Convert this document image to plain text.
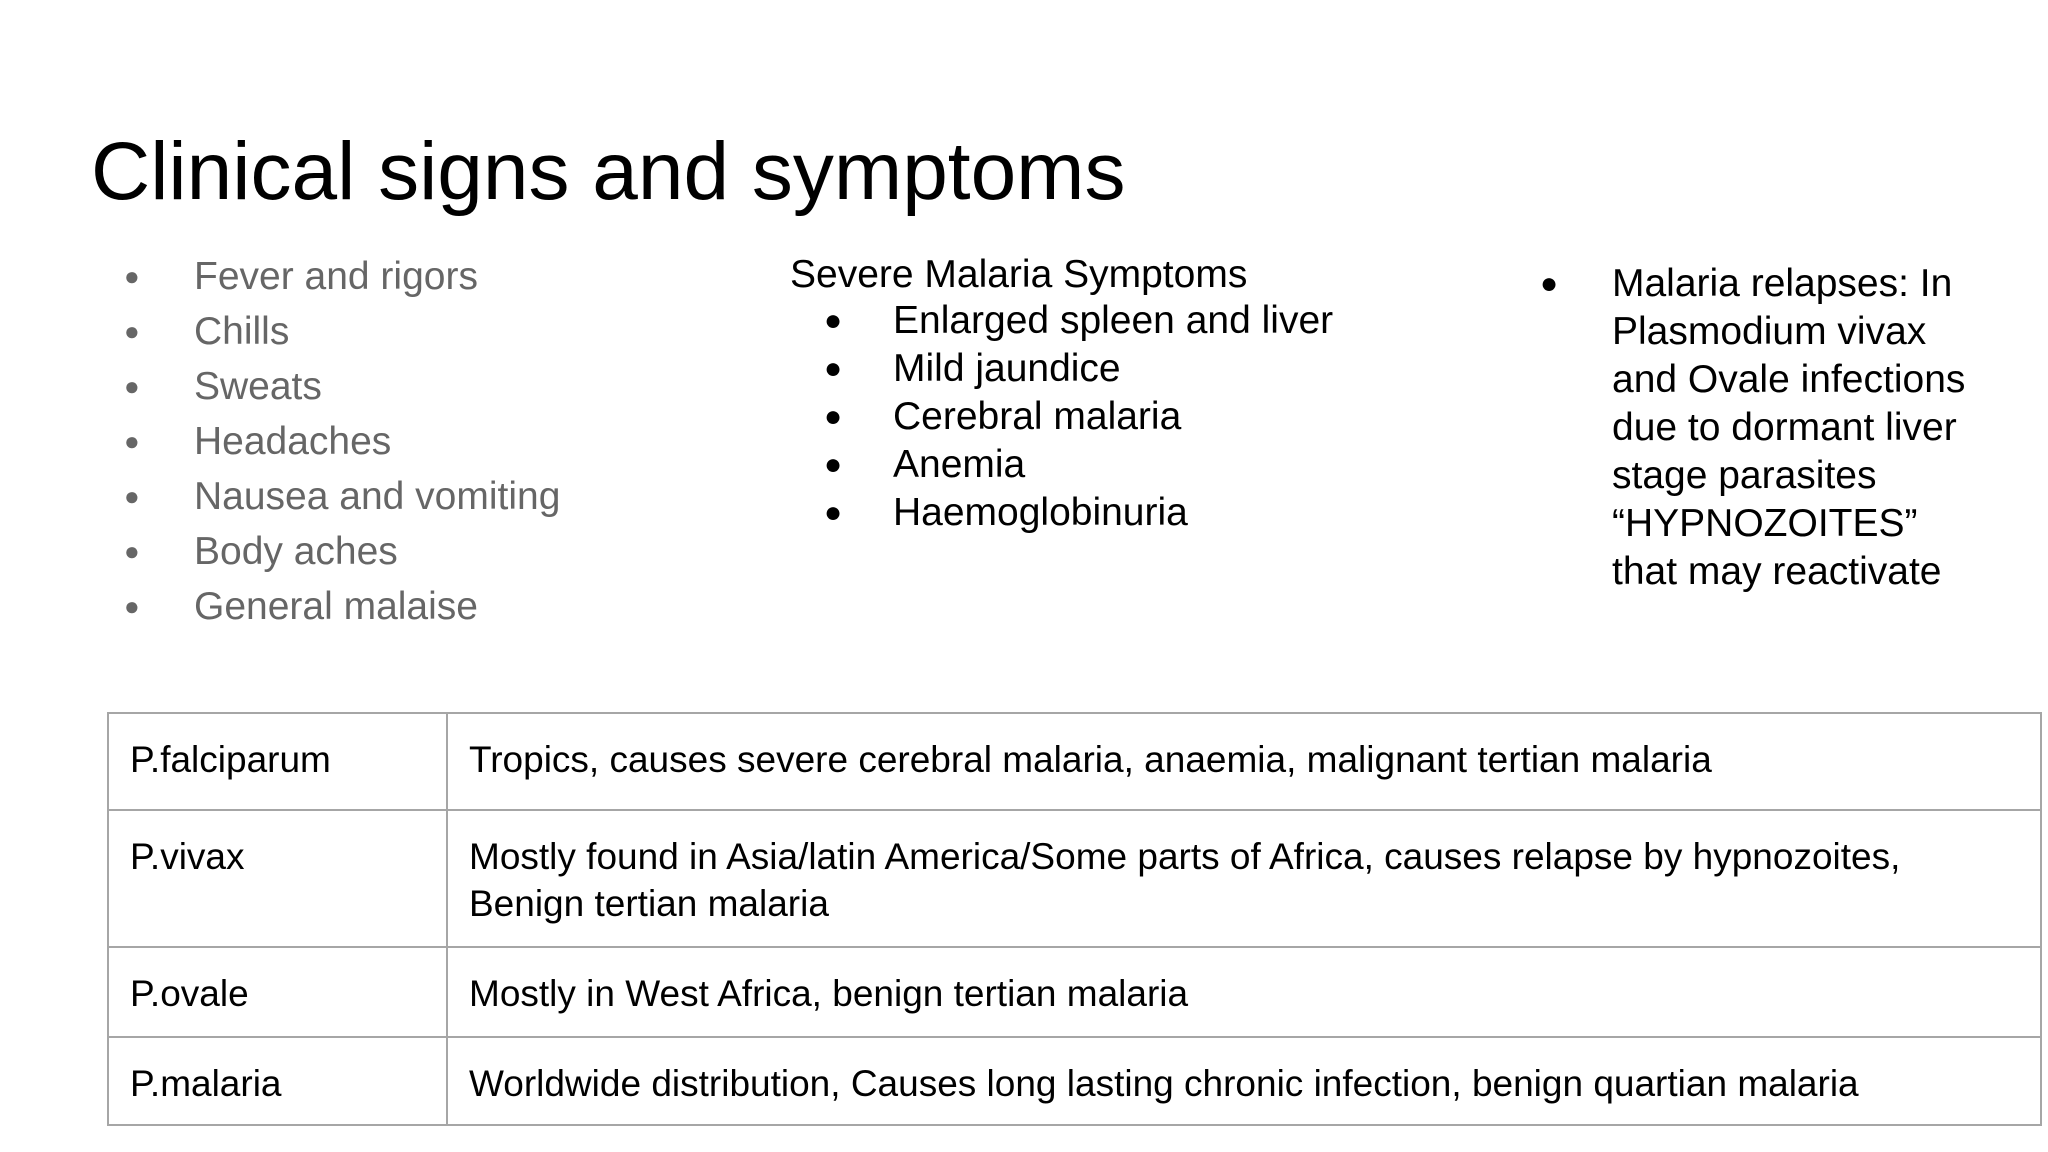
Clinical signs and symptoms
● Fever and rigors
● Chills
● Sweats
● Headaches
● Nausea and vomiting
● Body aches
● General malaise
Severe Malaria Symptoms
● Enlarged spleen and liver
● Mild jaundice
● Cerebral malaria
● Anemia
● Haemoglobinuria
● Malaria relapses: In
Plasmodium vivax
and Ovale infections
due to dormant liver
stage parasites
“HYPNOZOITES”
that may reactivate
P.falciparum	Tropics, causes severe cerebral malaria, anaemia, malignant tertian malaria
P.vivax	Mostly found in Asia/latin America/Some parts of Africa, causes relapse by hypnozoites, Benign tertian malaria
P.ovale	Mostly in West Africa, benign tertian malaria
P.malaria	Worldwide distribution, Causes long lasting chronic infection, benign quartian malaria
